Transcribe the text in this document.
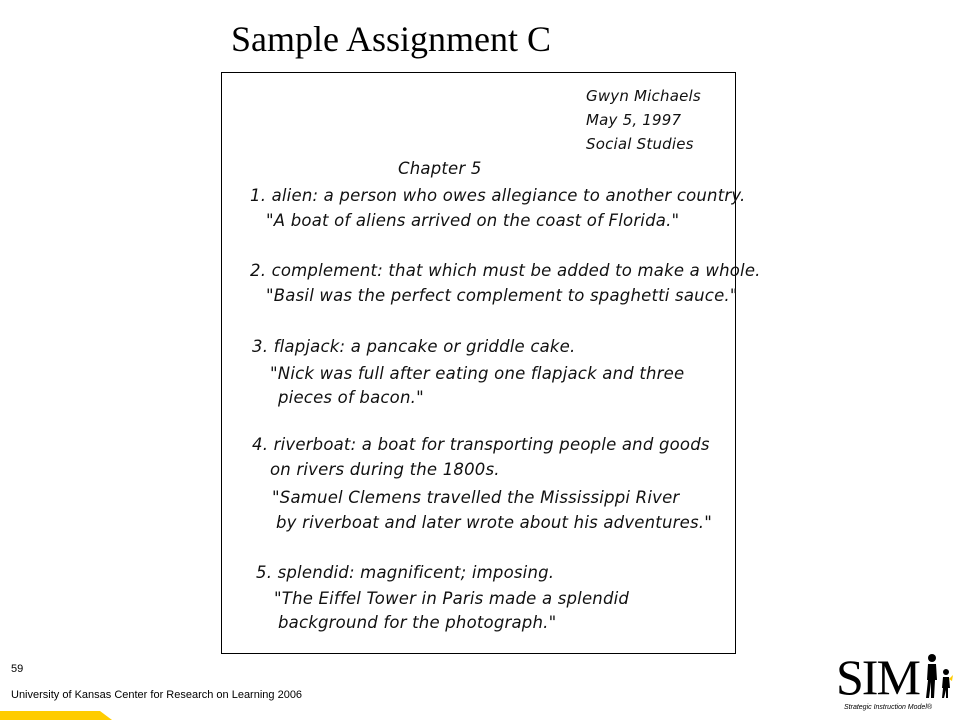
Sample Assignment C
Gwyn Michaels
May 5, 1997
Social Studies
Chapter 5
1. alien: a person who owes allegiance to another country.
"A boat of aliens arrived on the coast of Florida."
2. complement: that which must be added to make a whole.
"Basil was the perfect complement to spaghetti sauce."
3. flapjack: a pancake or griddle cake.
"Nick was full after eating one flapjack and three
pieces of bacon."
4. riverboat: a boat for transporting people and goods
on rivers during the 1800s.
"Samuel Clemens travelled the Mississippi River
by riverboat and later wrote about his adventures."
5. splendid: magnificent; imposing.
"The Eiffel Tower in Paris made a splendid
background for the photograph."
59
University of Kansas Center for Research on Learning 2006	SIM
Strategic Instruction Model®
